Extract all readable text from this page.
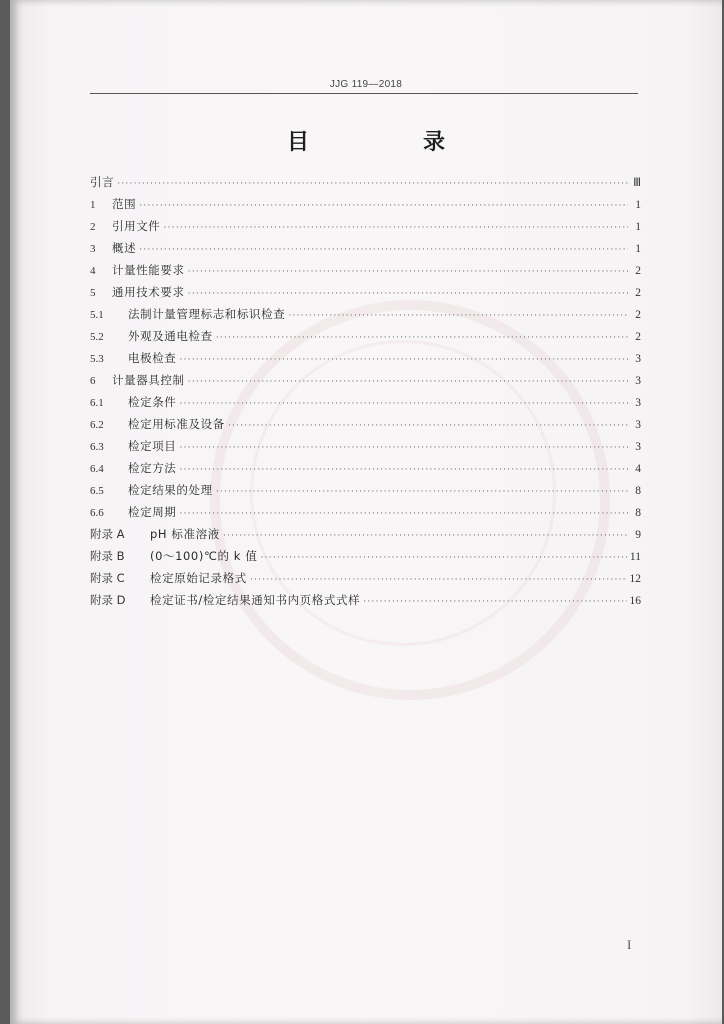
JJG 119—2018
目　录
引言 ·····	Ⅲ
1	范围 ·····	1
2	引用文件 ·····	1
3	概述 ·····	1
4	计量性能要求 ·····	2
5	通用技术要求 ·····	2
5.1	法制计量管理标志和标识检查 ·····	2
5.2	外观及通电检查 ·····	2
5.3	电极检查 ·····	3
6	计量器具控制 ·····	3
6.1	检定条件 ·····	3
6.2	检定用标准及设备 ·····	3
6.3	检定项目 ·····	3
6.4	检定方法 ·····	4
6.5	检定结果的处理 ·····	8
6.6	检定周期 ·····	8
附录 A	pH 标准溶液 ·····	9
附录 B	(0～100)℃的 k 值 ·····	11
附录 C	检定原始记录格式 ·····	12
附录 D	检定证书/检定结果通知书内页格式式样 ·····	16
I
